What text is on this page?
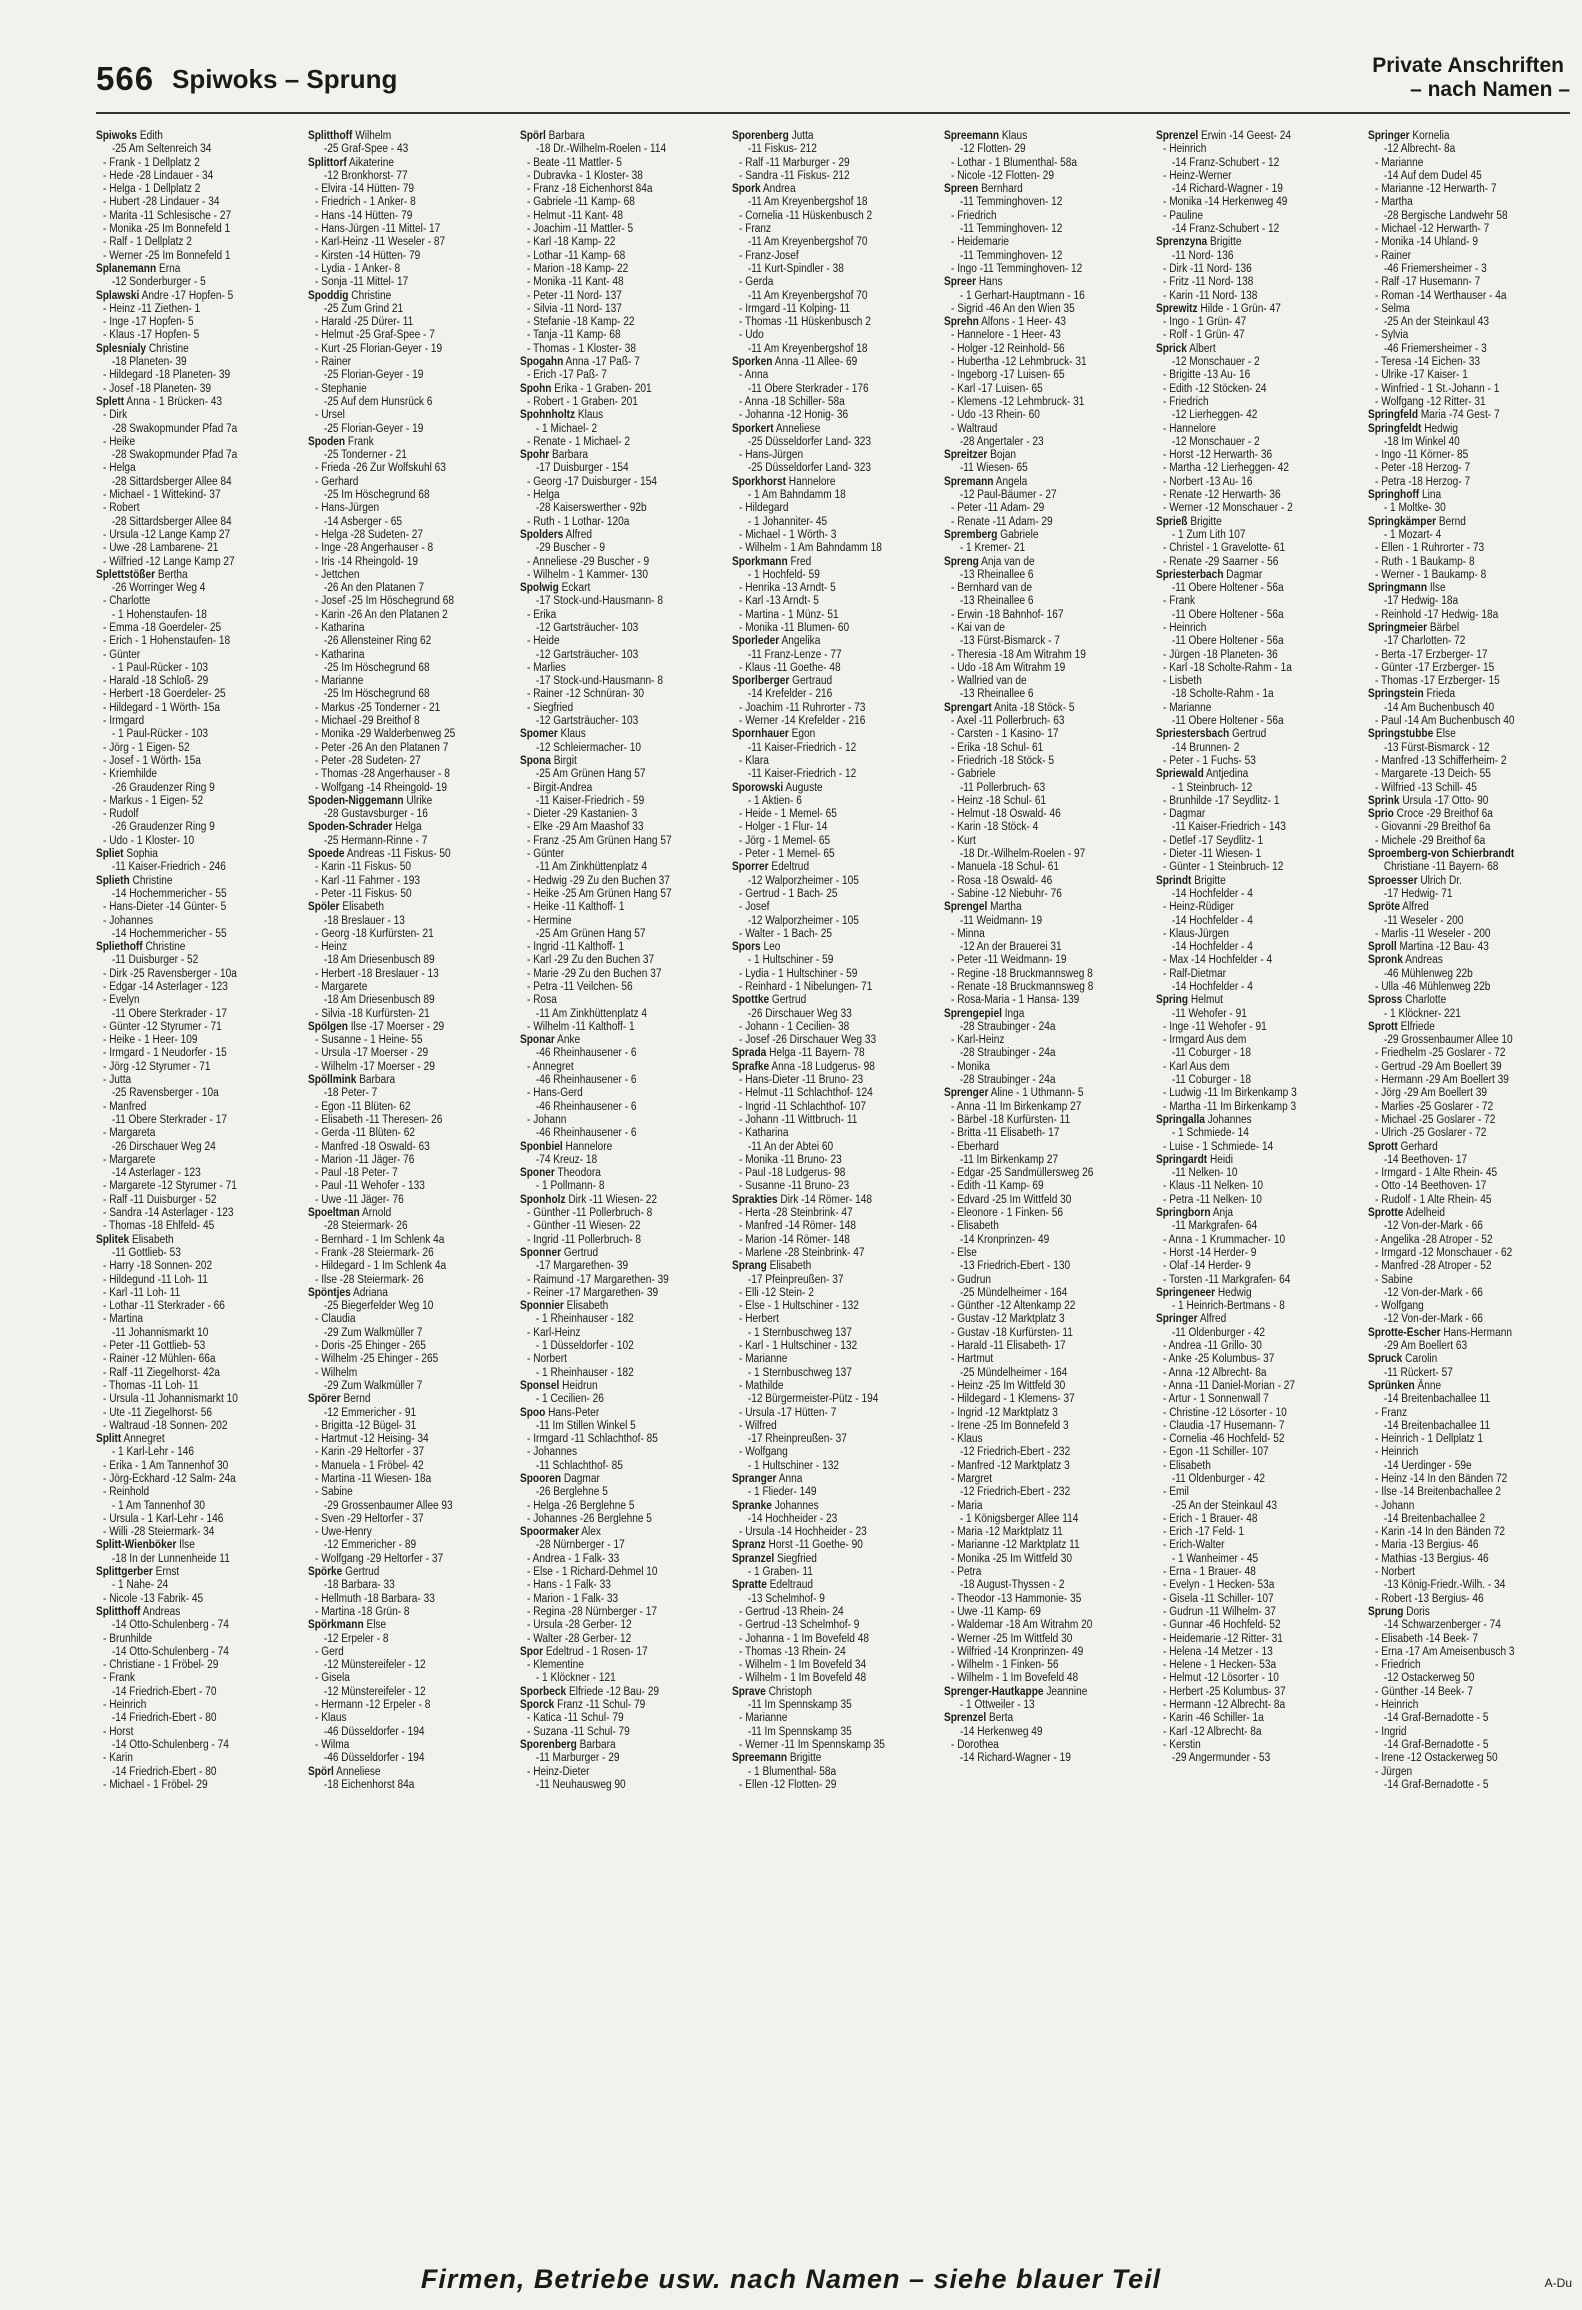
566 Spiwoks – Sprung	Private Anschriften
– nach Namen –
Spiwoks Edith
-25 Am Seltenreich 34
- Frank - 1 Dellplatz 2
- Hede -28 Lindauer - 34
- Helga - 1 Dellplatz 2
- Hubert -28 Lindauer - 34
- Marita -11 Schlesische - 27
- Monika -25 Im Bonnefeld 1
- Ralf - 1 Dellplatz 2
- Werner -25 Im Bonnefeld 1
Splanemann Erna
-12 Sonderburger - 5
Splawski Andre -17 Hopfen- 5
- Heinz -11 Ziethen- 1
- Inge -17 Hopfen- 5
- Klaus -17 Hopfen- 5
Splesnialy Christine
-18 Planeten- 39
- Hildegard -18 Planeten- 39
- Josef -18 Planeten- 39
Splett Anna - 1 Brücken- 43
- Dirk
-28 Swakopmunder Pfad 7a
- Heike
-28 Swakopmunder Pfad 7a
- Helga
-28 Sittardsberger Allee 84
- Michael - 1 Wittekind- 37
- Robert
-28 Sittardsberger Allee 84
- Ursula -12 Lange Kamp 27
- Uwe -28 Lambarene- 21
- Wilfried -12 Lange Kamp 27
Splettstößer Bertha
-26 Worringer Weg 4
- Charlotte
- 1 Hohenstaufen- 18
- Emma -18 Goerdeler- 25
- Erich - 1 Hohenstaufen- 18
- Günter
- 1 Paul-Rücker - 103
- Harald -18 Schloß- 29
- Herbert -18 Goerdeler- 25
- Hildegard - 1 Wörth- 15a
- Irmgard
- 1 Paul-Rücker - 103
- Jörg - 1 Eigen- 52
- Josef - 1 Wörth- 15a
- Kriemhilde
-26 Graudenzer Ring 9
- Markus - 1 Eigen- 52
- Rudolf
-26 Graudenzer Ring 9
- Udo - 1 Kloster- 10
Spliet Sophia
-11 Kaiser-Friedrich - 246
Splieth Christine
-14 Hochemmericher - 55
- Hans-Dieter -14 Günter- 5
- Johannes
-14 Hochemmericher - 55
Spliethoff Christine
-11 Duisburger - 52
- Dirk -25 Ravensberger - 10a
- Edgar -14 Asterlager - 123
- Evelyn
-11 Obere Sterkrader - 17
- Günter -12 Styrumer - 71
- Heike - 1 Heer- 109
- Irmgard - 1 Neudorfer - 15
- Jörg -12 Styrumer - 71
- Jutta
-25 Ravensberger - 10a
- Manfred
-11 Obere Sterkrader - 17
- Margareta
-26 Dirschauer Weg 24
- Margarete
-14 Asterlager - 123
- Margarete -12 Styrumer - 71
- Ralf -11 Duisburger - 52
- Sandra -14 Asterlager - 123
- Thomas -18 Ehlfeld- 45
Splitek Elisabeth
-11 Gottlieb- 53
- Harry -18 Sonnen- 202
- Hildegund -11 Loh- 11
- Karl -11 Loh- 11
- Lothar -11 Sterkrader - 66
- Martina
-11 Johannismarkt 10
- Peter -11 Gottlieb- 53
- Rainer -12 Mühlen- 66a
- Ralf -11 Ziegelhorst- 42a
- Thomas -11 Loh- 11
- Ursula -11 Johannismarkt 10
- Ute -11 Ziegelhorst- 56
- Waltraud -18 Sonnen- 202
Splitt Annegret
- 1 Karl-Lehr - 146
- Erika - 1 Am Tannenhof 30
- Jörg-Eckhard -12 Salm- 24a
- Reinhold
- 1 Am Tannenhof 30
- Ursula - 1 Karl-Lehr - 146
- Willi -28 Steiermark- 34
Splitt-Wienböker Ilse
-18 In der Lunnenheide 11
Splittgerber Ernst
- 1 Nahe- 24
- Nicole -13 Fabrik- 45
Splitthoff Andreas
-14 Otto-Schulenberg - 74
- Brunhilde
-14 Otto-Schulenberg - 74
- Christiane - 1 Fröbel- 29
- Frank
-14 Friedrich-Ebert - 70
- Heinrich
-14 Friedrich-Ebert - 80
- Horst
-14 Otto-Schulenberg - 74
- Karin
-14 Friedrich-Ebert - 80
- Michael - 1 Fröbel- 29
Splitthoff Wilhelm
-25 Graf-Spee - 43
Splittorf Aikaterine
-12 Bronkhorst- 77
- Elvira -14 Hütten- 79
- Friedrich - 1 Anker- 8
- Hans -14 Hütten- 79
- Hans-Jürgen -11 Mittel- 17
- Karl-Heinz -11 Weseler - 87
- Kirsten -14 Hütten- 79
- Lydia - 1 Anker- 8
- Sonja -11 Mittel- 17
Spoddig Christine
-25 Zum Grind 21
- Harald -25 Dürer- 11
- Helmut -25 Graf-Spee - 7
- Kurt -25 Florian-Geyer - 19
- Rainer
-25 Florian-Geyer - 19
- Stephanie
-25 Auf dem Hunsrück 6
- Ursel
-25 Florian-Geyer - 19
Spoden Frank
-25 Tonderner - 21
- Frieda -26 Zur Wolfskuhl 63
- Gerhard
-25 Im Höschegrund 68
- Hans-Jürgen
-14 Asberger - 65
- Helga -28 Sudeten- 27
- Inge -28 Angerhauser - 8
- Iris -14 Rheingold- 19
- Jettchen
-26 An den Platanen 7
- Josef -25 Im Höschegrund 68
- Karin -26 An den Platanen 2
- Katharina
-26 Allensteiner Ring 62
- Katharina
-25 Im Höschegrund 68
- Marianne
-25 Im Höschegrund 68
- Markus -25 Tonderner - 21
- Michael -29 Breithof 8
- Monika -29 Walderbenweg 25
- Peter -26 An den Platanen 7
- Peter -28 Sudeten- 27
- Thomas -28 Angerhauser - 8
- Wolfgang -14 Rheingold- 19
Spoden-Niggemann Ulrike
-28 Gustavsburger - 16
Spoden-Schrader Helga
-25 Hermann-Rinne - 7
Spoede Andreas -11 Fiskus- 50
- Karin -11 Fiskus- 50
- Karl -11 Fahrner - 193
- Peter -11 Fiskus- 50
Spöler Elisabeth
-18 Breslauer - 13
- Georg -18 Kurfürsten- 21
- Heinz
-18 Am Driesenbusch 89
- Herbert -18 Breslauer - 13
- Margarete
-18 Am Driesenbusch 89
- Silvia -18 Kurfürsten- 21
Spölgen Ilse -17 Moerser - 29
- Susanne - 1 Heine- 55
- Ursula -17 Moerser - 29
- Wilhelm -17 Moerser - 29
Spöllmink Barbara
-18 Peter- 7
- Egon -11 Blüten- 62
- Elisabeth -11 Theresen- 26
- Gerda -11 Blüten- 62
- Manfred -18 Oswald- 63
- Marion -11 Jäger- 76
- Paul -18 Peter- 7
- Paul -11 Wehofer - 133
- Uwe -11 Jäger- 76
Spoeltman Arnold
-28 Steiermark- 26
- Bernhard - 1 Im Schlenk 4a
- Frank -28 Steiermark- 26
- Hildegard - 1 Im Schlenk 4a
- Ilse -28 Steiermark- 26
Spöntjes Adriana
-25 Biegerfelder Weg 10
- Claudia
-29 Zum Walkmüller 7
- Doris -25 Ehinger - 265
- Wilhelm -25 Ehinger - 265
- Wilhelm
-29 Zum Walkmüller 7
Spörer Bernd
-12 Emmericher - 91
- Brigitta -12 Bügel- 31
- Hartmut -12 Heising- 34
- Karin -29 Heltorfer - 37
- Manuela - 1 Fröbel- 42
- Martina -11 Wiesen- 18a
- Sabine
-29 Grossenbaumer Allee 93
- Sven -29 Heltorfer - 37
- Uwe-Henry
-12 Emmericher - 89
- Wolfgang -29 Heltorfer - 37
Spörke Gertrud
-18 Barbara- 33
- Hellmuth -18 Barbara- 33
- Martina -18 Grün- 8
Spörkmann Else
-12 Erpeler - 8
- Gerd
-12 Münstereifeler - 12
- Gisela
-12 Münstereifeler - 12
- Hermann -12 Erpeler - 8
- Klaus
-46 Düsseldorfer - 194
- Wilma
-46 Düsseldorfer - 194
Spörl Anneliese
-18 Eichenhorst 84a
Spörl Barbara
-18 Dr.-Wilhelm-Roelen - 114
- Beate -11 Mattler- 5
- Dubravka - 1 Kloster- 38
- Franz -18 Eichenhorst 84a
- Gabriele -11 Kamp- 68
- Helmut -11 Kant- 48
- Joachim -11 Mattler- 5
- Karl -18 Kamp- 22
- Lothar -11 Kamp- 68
- Marion -18 Kamp- 22
- Monika -11 Kant- 48
- Peter -11 Nord- 137
- Silvia -11 Nord- 137
- Stefanie -18 Kamp- 22
- Tanja -11 Kamp- 68
- Thomas - 1 Kloster- 38
Spogahn Anna -17 Paß- 7
- Erich -17 Paß- 7
Spohn Erika - 1 Graben- 201
- Robert - 1 Graben- 201
Spohnholtz Klaus
- 1 Michael- 2
- Renate - 1 Michael- 2
Spohr Barbara
-17 Duisburger - 154
- Georg -17 Duisburger - 154
- Helga
-28 Kaiserswerther - 92b
- Ruth - 1 Lothar- 120a
Spolders Alfred
-29 Buscher - 9
- Anneliese -29 Buscher - 9
- Wilhelm - 1 Kammer- 130
Spolwig Eckart
-17 Stock-und-Hausmann- 8
- Erika
-12 Gartsträucher- 103
- Heide
-12 Gartsträucher- 103
- Marlies
-17 Stock-und-Hausmann- 8
- Rainer -12 Schnüran- 30
- Siegfried
-12 Gartsträucher- 103
Spomer Klaus
-12 Schleiermacher- 10
Spona Birgit
-25 Am Grünen Hang 57
- Birgit-Andrea
-11 Kaiser-Friedrich - 59
- Dieter -29 Kastanien- 3
- Elke -29 Am Maashof 33
- Franz -25 Am Grünen Hang 57
- Günter
-11 Am Zinkhüttenplatz 4
- Hedwig -29 Zu den Buchen 37
- Heike -25 Am Grünen Hang 57
- Heike -11 Kalthoff- 1
- Hermine
-25 Am Grünen Hang 57
- Ingrid -11 Kalthoff- 1
- Karl -29 Zu den Buchen 37
- Marie -29 Zu den Buchen 37
- Petra -11 Veilchen- 56
- Rosa
-11 Am Zinkhüttenplatz 4
- Wilhelm -11 Kalthoff- 1
Sponar Anke
-46 Rheinhausener - 6
- Annegret
-46 Rheinhausener - 6
- Hans-Gerd
-46 Rheinhausener - 6
- Johann
-46 Rheinhausener - 6
Sponbiel Hannelore
-74 Kreuz- 18
Sponer Theodora
- 1 Pollmann- 8
Sponholz Dirk -11 Wiesen- 22
- Günther -11 Pollerbruch- 8
- Günther -11 Wiesen- 22
- Ingrid -11 Pollerbruch- 8
Sponner Gertrud
-17 Margarethen- 39
- Raimund -17 Margarethen- 39
- Reiner -17 Margarethen- 39
Sponnier Elisabeth
- 1 Rheinhauser - 182
- Karl-Heinz
- 1 Düsseldorfer - 102
- Norbert
- 1 Rheinhauser - 182
Sponsel Heidrun
- 1 Cecilien- 26
Spoo Hans-Peter
-11 Im Stillen Winkel 5
- Irmgard -11 Schlachthof- 85
- Johannes
-11 Schlachthof- 85
Spooren Dagmar
-26 Berglehne 5
- Helga -26 Berglehne 5
- Johannes -26 Berglehne 5
Spoormaker Alex
-28 Nürnberger - 17
- Andrea - 1 Falk- 33
- Else - 1 Richard-Dehmel 10
- Hans - 1 Falk- 33
- Marion - 1 Falk- 33
- Regina -28 Nürnberger - 17
- Ursula -28 Gerber- 12
- Walter -28 Gerber- 12
Spor Edeltrud - 1 Rosen- 17
- Klementine
- 1 Klöckner - 121
Sporbeck Elfriede -12 Bau- 29
Sporck Franz -11 Schul- 79
- Katica -11 Schul- 79
- Suzana -11 Schul- 79
Sporenberg Barbara
-11 Marburger - 29
- Heinz-Dieter
-11 Neuhausweg 90
Sporenberg Jutta
-11 Fiskus- 212
- Ralf -11 Marburger - 29
- Sandra -11 Fiskus- 212
Spork Andrea
-11 Am Kreyenbergshof 18
- Cornelia -11 Hüskenbusch 2
- Franz
-11 Am Kreyenbergshof 70
- Franz-Josef
-11 Kurt-Spindler - 38
- Gerda
-11 Am Kreyenbergshof 70
- Irmgard -11 Kolping- 11
- Thomas -11 Hüskenbusch 2
- Udo
-11 Am Kreyenbergshof 18
Sporken Anna -11 Allee- 69
- Anna
-11 Obere Sterkrader - 176
- Anna -18 Schiller- 58a
- Johanna -12 Honig- 36
Sporkert Anneliese
-25 Düsseldorfer Land- 323
- Hans-Jürgen
-25 Düsseldorfer Land- 323
Sporkhorst Hannelore
- 1 Am Bahndamm 18
- Hildegard
- 1 Johanniter- 45
- Michael - 1 Wörth- 3
- Wilhelm - 1 Am Bahndamm 18
Sporkmann Fred
- 1 Hochfeld- 59
- Henrika -13 Arndt- 5
- Karl -13 Arndt- 5
- Martina - 1 Münz- 51
- Monika -11 Blumen- 60
Sporleder Angelika
-11 Franz-Lenze - 77
- Klaus -11 Goethe- 48
Sporlberger Gertraud
-14 Krefelder - 216
- Joachim -11 Ruhrorter - 73
- Werner -14 Krefelder - 216
Spornhauer Egon
-11 Kaiser-Friedrich - 12
- Klara
-11 Kaiser-Friedrich - 12
Sporowski Auguste
- 1 Aktien- 6
- Heide - 1 Memel- 65
- Holger - 1 Flur- 14
- Jörg - 1 Memel- 65
- Peter - 1 Memel- 65
Sporrer Edeltrud
-12 Walporzheimer - 105
- Gertrud - 1 Bach- 25
- Josef
-12 Walporzheimer - 105
- Walter - 1 Bach- 25
Spors Leo
- 1 Hultschiner - 59
- Lydia - 1 Hultschiner - 59
- Reinhard - 1 Nibelungen- 71
Spottke Gertrud
-26 Dirschauer Weg 33
- Johann - 1 Cecilien- 38
- Josef -26 Dirschauer Weg 33
Sprada Helga -11 Bayern- 78
Sprafke Anna -18 Ludgerus- 98
- Hans-Dieter -11 Bruno- 23
- Helmut -11 Schlachthof- 124
- Ingrid -11 Schlachthof- 107
- Johann -11 Wittbruch- 11
- Katharina
-11 An der Abtei 60
- Monika -11 Bruno- 23
- Paul -18 Ludgerus- 98
- Susanne -11 Bruno- 23
Sprakties Dirk -14 Römer- 148
- Herta -28 Steinbrink- 47
- Manfred -14 Römer- 148
- Marion -14 Römer- 148
- Marlene -28 Steinbrink- 47
Sprang Elisabeth
-17 Pfeinpreußen- 37
- Elli -12 Stein- 2
- Else - 1 Hultschiner - 132
- Herbert
- 1 Sternbuschweg 137
- Karl - 1 Hultschiner - 132
- Marianne
- 1 Sternbuschweg 137
- Mathilde
-12 Bürgermeister-Pütz - 194
- Ursula -17 Hütten- 7
- Wilfred
-17 Rheinpreußen- 37
- Wolfgang
- 1 Hultschiner - 132
Spranger Anna
- 1 Flieder- 149
Spranke Johannes
-14 Hochheider - 23
- Ursula -14 Hochheider - 23
Spranz Horst -11 Goethe- 90
Spranzel Siegfried
- 1 Graben- 11
Spratte Edeltraud
-13 Schelmhof- 9
- Gertrud -13 Rhein- 24
- Gertrud -13 Schelmhof- 9
- Johanna - 1 Im Bovefeld 48
- Thomas -13 Rhein- 24
- Wilhelm - 1 Im Bovefeld 34
- Wilhelm - 1 Im Bovefeld 48
Sprave Christoph
-11 Im Spennskamp 35
- Marianne
-11 Im Spennskamp 35
- Werner -11 Im Spennskamp 35
Spreemann Brigitte
- 1 Blumenthal- 58a
- Ellen -12 Flotten- 29
Spreemann Klaus
-12 Flotten- 29
- Lothar - 1 Blumenthal- 58a
- Nicole -12 Flotten- 29
Spreen Bernhard
-11 Temminghoven- 12
- Friedrich
-11 Temminghoven- 12
- Heidemarie
-11 Temminghoven- 12
- Ingo -11 Temminghoven- 12
Spreer Hans
- 1 Gerhart-Hauptmann - 16
- Sigrid -46 An den Wien 35
Sprehn Alfons - 1 Heer- 43
- Hannelore - 1 Heer- 43
- Holger -12 Reinhold- 56
- Hubertha -12 Lehmbruck- 31
- Ingeborg -17 Luisen- 65
- Karl -17 Luisen- 65
- Klemens -12 Lehmbruck- 31
- Udo -13 Rhein- 60
- Waltraud
-28 Angertaler - 23
Spreitzer Bojan
-11 Wiesen- 65
Spremann Angela
-12 Paul-Bäumer - 27
- Peter -11 Adam- 29
- Renate -11 Adam- 29
Spremberg Gabriele
- 1 Kremer- 21
Spreng Anja van de
-13 Rheinallee 6
- Bernhard van de
-13 Rheinallee 6
- Erwin -18 Bahnhof- 167
- Kai van de
-13 Fürst-Bismarck - 7
- Theresia -18 Am Witrahm 19
- Udo -18 Am Witrahm 19
- Wallried van de
-13 Rheinallee 6
Sprengart Anita -18 Stöck- 5
- Axel -11 Pollerbruch- 63
- Carsten - 1 Kasino- 17
- Erika -18 Schul- 61
- Friedrich -18 Stöck- 5
- Gabriele
-11 Pollerbruch- 63
- Heinz -18 Schul- 61
- Helmut -18 Oswald- 46
- Karin -18 Stöck- 4
- Kurt
-18 Dr.-Wilhelm-Roelen - 97
- Manuela -18 Schul- 61
- Rosa -18 Oswald- 46
- Sabine -12 Niebuhr- 76
Sprengel Martha
-11 Weidmann- 19
- Minna
-12 An der Brauerei 31
- Peter -11 Weidmann- 19
- Regine -18 Bruckmannsweg 8
- Renate -18 Bruckmannsweg 8
- Rosa-Maria - 1 Hansa- 139
Sprengepiel Inga
-28 Straubinger - 24a
- Karl-Heinz
-28 Straubinger - 24a
- Monika
-28 Straubinger - 24a
Sprenger Aline - 1 Uthmann- 5
- Anna -11 Im Birkenkamp 27
- Bärbel -18 Kurfürsten- 11
- Britta -11 Elisabeth- 17
- Eberhard
-11 Im Birkenkamp 27
- Edgar -25 Sandmüllersweg 26
- Edith -11 Kamp- 69
- Edvard -25 Im Wittfeld 30
- Eleonore - 1 Finken- 56
- Elisabeth
-14 Kronprinzen- 49
- Else
-13 Friedrich-Ebert - 130
- Gudrun
-25 Mündelheimer - 164
- Günther -12 Altenkamp 22
- Gustav -12 Marktplatz 3
- Gustav -18 Kurfürsten- 11
- Harald -11 Elisabeth- 17
- Hartmut
-25 Mündelheimer - 164
- Heinz -25 Im Wittfeld 30
- Hildegard - 1 Klemens- 37
- Ingrid -12 Marktplatz 3
- Irene -25 Im Bonnefeld 3
- Klaus
-12 Friedrich-Ebert - 232
- Manfred -12 Marktplatz 3
- Margret
-12 Friedrich-Ebert - 232
- Maria
- 1 Königsberger Allee 114
- Maria -12 Marktplatz 11
- Marianne -12 Marktplatz 11
- Monika -25 Im Wittfeld 30
- Petra
-18 August-Thyssen - 2
- Theodor -13 Hammonie- 35
- Uwe -11 Kamp- 69
- Waldemar -18 Am Witrahm 20
- Werner -25 Im Wittfeld 30
- Wilfried -14 Kronprinzen- 49
- Wilhelm - 1 Finken- 56
- Wilhelm - 1 Im Bovefeld 48
Sprenger-Hautkappe Jeannine
- 1 Ottweiler - 13
Sprenzel Berta
-14 Herkenweg 49
- Dorothea
-14 Richard-Wagner - 19
Sprenzel Erwin -14 Geest- 24
- Heinrich
-14 Franz-Schubert - 12
- Heinz-Werner
-14 Richard-Wagner - 19
- Monika -14 Herkenweg 49
- Pauline
-14 Franz-Schubert - 12
Sprenzyna Brigitte
-11 Nord- 136
- Dirk -11 Nord- 136
- Fritz -11 Nord- 138
- Karin -11 Nord- 138
Sprewitz Hilde - 1 Grün- 47
- Ingo - 1 Grün- 47
- Rolf - 1 Grün- 47
Sprick Albert
-12 Monschauer - 2
- Brigitte -13 Au- 16
- Edith -12 Stöcken- 24
- Friedrich
-12 Lierheggen- 42
- Hannelore
-12 Monschauer - 2
- Horst -12 Herwarth- 36
- Martha -12 Lierheggen- 42
- Norbert -13 Au- 16
- Renate -12 Herwarth- 36
- Werner -12 Monschauer - 2
Sprieß Brigitte
- 1 Zum Lith 107
- Christel - 1 Gravelotte- 61
- Renate -29 Saarner - 56
Spriesterbach Dagmar
-11 Obere Holtener - 56a
- Frank
-11 Obere Holtener - 56a
- Heinrich
-11 Obere Holtener - 56a
- Jürgen -18 Planeten- 36
- Karl -18 Scholte-Rahm - 1a
- Lisbeth
-18 Scholte-Rahm - 1a
- Marianne
-11 Obere Holtener - 56a
Spriestersbach Gertrud
-14 Brunnen- 2
- Peter - 1 Fuchs- 53
Spriewald Antjedina
- 1 Steinbruch- 12
- Brunhilde -17 Seydlitz- 1
- Dagmar
-11 Kaiser-Friedrich - 143
- Detlef -17 Seydlitz- 1
- Dieter -11 Wiesen- 1
- Günter - 1 Steinbruch- 12
Sprindt Brigitte
-14 Hochfelder - 4
- Heinz-Rüdiger
-14 Hochfelder - 4
- Klaus-Jürgen
-14 Hochfelder - 4
- Max -14 Hochfelder - 4
- Ralf-Dietmar
-14 Hochfelder - 4
Spring Helmut
-11 Wehofer - 91
- Inge -11 Wehofer - 91
- Irmgard Aus dem
-11 Coburger - 18
- Karl Aus dem
-11 Coburger - 18
- Ludwig -11 Im Birkenkamp 3
- Martha -11 Im Birkenkamp 3
Springalla Johannes
- 1 Schmiede- 14
- Luise - 1 Schmiede- 14
Springardt Heidi
-11 Nelken- 10
- Klaus -11 Nelken- 10
- Petra -11 Nelken- 10
Springborn Anja
-11 Markgrafen- 64
- Anna - 1 Krummacher- 10
- Horst -14 Herder- 9
- Olaf -14 Herder- 9
- Torsten -11 Markgrafen- 64
Springeneer Hedwig
- 1 Heinrich-Bertmans - 8
Springer Alfred
-11 Oldenburger - 42
- Andrea -11 Grillo- 30
- Anke -25 Kolumbus- 37
- Anna -12 Albrecht- 8a
- Anna -11 Daniel-Morian - 27
- Artur - 1 Sonnenwall 7
- Christine -12 Lösorter - 10
- Claudia -17 Husemann- 7
- Cornelia -46 Hochfeld- 52
- Egon -11 Schiller- 107
- Elisabeth
-11 Oldenburger - 42
- Emil
-25 An der Steinkaul 43
- Erich - 1 Brauer- 48
- Erich -17 Feld- 1
- Erich-Walter
- 1 Wanheimer - 45
- Erna - 1 Brauer- 48
- Evelyn - 1 Hecken- 53a
- Gisela -11 Schiller- 107
- Gudrun -11 Wilhelm- 37
- Gunnar -46 Hochfeld- 52
- Heidemarie -12 Ritter- 31
- Helena -14 Metzer - 13
- Helene - 1 Hecken- 53a
- Helmut -12 Lösorter - 10
- Herbert -25 Kolumbus- 37
- Hermann -12 Albrecht- 8a
- Karin -46 Schiller- 1a
- Karl -12 Albrecht- 8a
- Kerstin
-29 Angermunder - 53
Springer Kornelia
-12 Albrecht- 8a
- Marianne
-14 Auf dem Dudel 45
- Marianne -12 Herwarth- 7
- Martha
-28 Bergische Landwehr 58
- Michael -12 Herwarth- 7
- Monika -14 Uhland- 9
- Rainer
-46 Friemersheimer - 3
- Ralf -17 Husemann- 7
- Roman -14 Werthauser - 4a
- Selma
-25 An der Steinkaul 43
- Sylvia
-46 Friemersheimer - 3
- Teresa -14 Eichen- 33
- Ulrike -17 Kaiser- 1
- Winfried - 1 St.-Johann - 1
- Wolfgang -12 Ritter- 31
Springfeld Maria -74 Gest- 7
Springfeldt Hedwig
-18 Im Winkel 40
- Ingo -11 Körner- 85
- Peter -18 Herzog- 7
- Petra -18 Herzog- 7
Springhoff Lina
- 1 Moltke- 30
Springkämper Bernd
- 1 Mozart- 4
- Ellen - 1 Ruhrorter - 73
- Ruth - 1 Baukamp- 8
- Werner - 1 Baukamp- 8
Springmann Ilse
-17 Hedwig- 18a
- Reinhold -17 Hedwig- 18a
Springmeier Bärbel
-17 Charlotten- 72
- Berta -17 Erzberger- 17
- Günter -17 Erzberger- 15
- Thomas -17 Erzberger- 15
Springstein Frieda
-14 Am Buchenbusch 40
- Paul -14 Am Buchenbusch 40
Springstubbe Else
-13 Fürst-Bismarck - 12
- Manfred -13 Schifferheim- 2
- Margarete -13 Deich- 55
- Wilfried -13 Schill- 45
Sprink Ursula -17 Otto- 90
Sprio Croce -29 Breithof 6a
- Giovanni -29 Breithof 6a
- Michele -29 Breithof 6a
Sproemberg-von Schierbrandt
Christiane -11 Bayern- 68
Sproesser Ulrich Dr.
-17 Hedwig- 71
Spröte Alfred
-11 Weseler - 200
- Marlis -11 Weseler - 200
Sproll Martina -12 Bau- 43
Spronk Andreas
-46 Mühlenweg 22b
- Ulla -46 Mühlenweg 22b
Spross Charlotte
- 1 Klöckner- 221
Sprott Elfriede
-29 Grossenbaumer Allee 10
- Friedhelm -25 Goslarer - 72
- Gertrud -29 Am Boellert 39
- Hermann -29 Am Boellert 39
- Jörg -29 Am Boellert 39
- Marlies -25 Goslarer - 72
- Michael -25 Goslarer - 72
- Ulrich -25 Goslarer - 72
Sprott Gerhard
-14 Beethoven- 17
- Irmgard - 1 Alte Rhein- 45
- Otto -14 Beethoven- 17
- Rudolf - 1 Alte Rhein- 45
Sprotte Adelheid
-12 Von-der-Mark - 66
- Angelika -28 Atroper - 52
- Irmgard -12 Monschauer - 62
- Manfred -28 Atroper - 52
- Sabine
-12 Von-der-Mark - 66
- Wolfgang
-12 Von-der-Mark - 66
Sprotte-Escher Hans-Hermann
-29 Am Boellert 63
Spruck Carolin
-11 Rückert- 57
Sprünken Änne
-14 Breitenbachallee 11
- Franz
-14 Breitenbachallee 11
- Heinrich - 1 Dellplatz 1
- Heinrich
-14 Uerdinger - 59e
- Heinz -14 In den Bänden 72
- Ilse -14 Breitenbachallee 2
- Johann
-14 Breitenbachallee 2
- Karin -14 In den Bänden 72
- Maria -13 Bergius- 46
- Mathias -13 Bergius- 46
- Norbert
-13 König-Friedr.-Wilh. - 34
- Robert -13 Bergius- 46
Sprung Doris
-14 Schwarzenberger - 74
- Elisabeth -14 Beek- 7
- Erna -17 Am Ameisenbusch 3
- Friedrich
-12 Ostackerweg 50
- Günther -14 Beek- 7
- Heinrich
-14 Graf-Bernadotte - 5
- Ingrid
-14 Graf-Bernadotte - 5
- Irene -12 Ostackerweg 50
- Jürgen
-14 Graf-Bernadotte - 5
Firmen, Betriebe usw. nach Namen – siehe blauer Teil	A-Du
